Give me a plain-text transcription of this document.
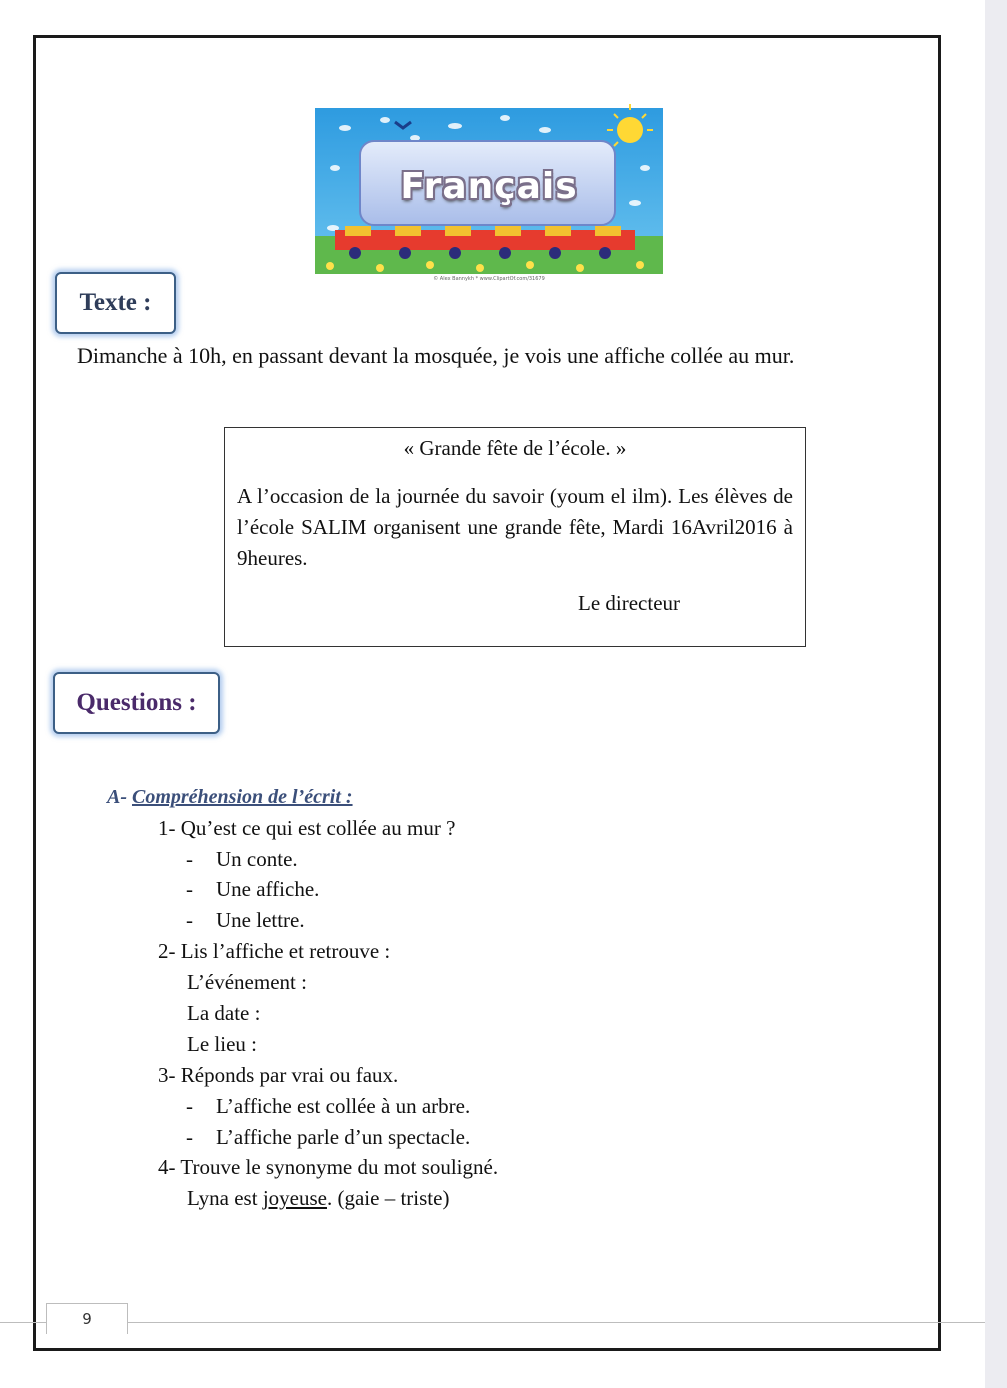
Français
© Alex Bannykh * www.ClipartOf.com/31679
Texte :
Dimanche à 10h, en passant devant la mosquée, je vois une affiche collée au mur.
« Grande fête de l’école. »
A l’occasion de la journée du savoir (youm el ilm). Les élèves de l’école SALIM organisent une grande fête, Mardi 16Avril2016 à 9heures.
Le directeur
Questions :
A- Compréhension de l’écrit :
1- Qu’est ce qui est collée au mur ?
- Un conte.
- Une affiche.
- Une lettre.
2- Lis l’affiche et retrouve :
L’événement :
La date :
Le lieu :
3- Réponds par vrai ou faux.
- L’affiche est collée à un arbre.
- L’affiche parle d’un spectacle.
4- Trouve le synonyme du mot souligné.
Lyna est joyeuse. (gaie – triste)
9
